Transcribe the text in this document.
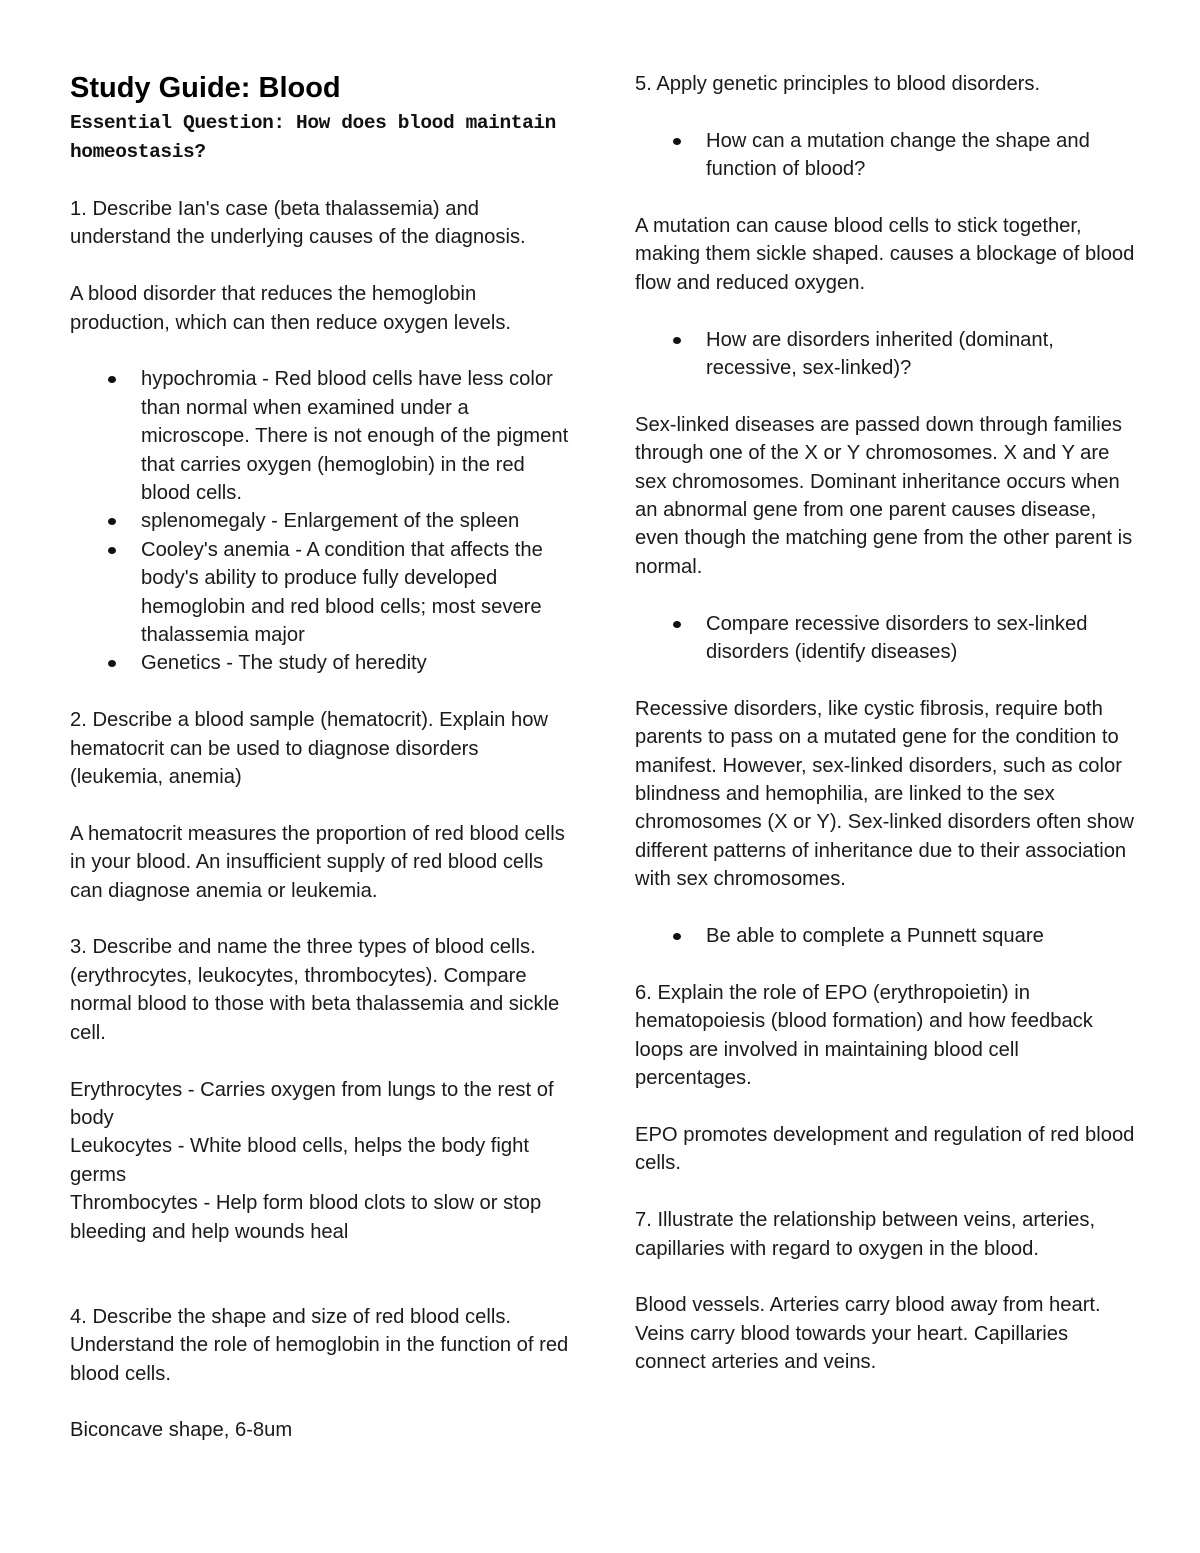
Study Guide: Blood
Essential Question: How does blood maintain homeostasis?

1. Describe Ian's case (beta thalassemia) and understand the underlying causes of the diagnosis.

A blood disorder that reduces the hemoglobin production, which can then reduce oxygen levels.

hypochromia - Red blood cells have less color than normal when examined under a microscope. There is not enough of the pigment that carries oxygen (hemoglobin) in the red blood cells.
splenomegaly - Enlargement of the spleen
Cooley's anemia - A condition that affects the body's ability to produce fully developed hemoglobin and red blood cells; most severe thalassemia major
Genetics - The study of heredity

2. Describe a blood sample (hematocrit). Explain how hematocrit can be used to diagnose disorders (leukemia, anemia)

A hematocrit measures the proportion of red blood cells in your blood. An insufficient supply of red blood cells can diagnose anemia or leukemia.

3. Describe and name the three types of blood cells. (erythrocytes, leukocytes, thrombocytes). Compare normal blood to those with beta thalassemia and sickle cell.

Erythrocytes - Carries oxygen from lungs to the rest of body

Leukocytes - White blood cells, helps the body fight germs

Thrombocytes - Help form blood clots to slow or stop bleeding and help wounds heal

4. Describe the shape and size of red blood cells. Understand the role of hemoglobin in the function of red blood cells.

Biconcave shape, 6-8um

5. Apply genetic principles to blood disorders.

How can a mutation change the shape and function of blood?

A mutation can cause blood cells to stick together, making them sickle shaped. causes a blockage of blood flow and reduced oxygen.

How are disorders inherited (dominant, recessive, sex-linked)?

Sex-linked diseases are passed down through families through one of the X or Y chromosomes. X and Y are sex chromosomes. Dominant inheritance occurs when an abnormal gene from one parent causes disease, even though the matching gene from the other parent is normal.

Compare recessive disorders to sex-linked disorders (identify diseases)

Recessive disorders, like cystic fibrosis, require both parents to pass on a mutated gene for the condition to manifest. However, sex-linked disorders, such as color blindness and hemophilia, are linked to the sex chromosomes (X or Y). Sex-linked disorders often show different patterns of inheritance due to their association with sex chromosomes.

Be able to complete a Punnett square

6. Explain the role of EPO (erythropoietin) in hematopoiesis (blood formation) and how feedback loops are involved in maintaining blood cell percentages.

EPO promotes development and regulation of red blood cells.

7. Illustrate the relationship between veins, arteries, capillaries with regard to oxygen in the blood.

Blood vessels. Arteries carry blood away from heart. Veins carry blood towards your heart. Capillaries connect arteries and veins.
